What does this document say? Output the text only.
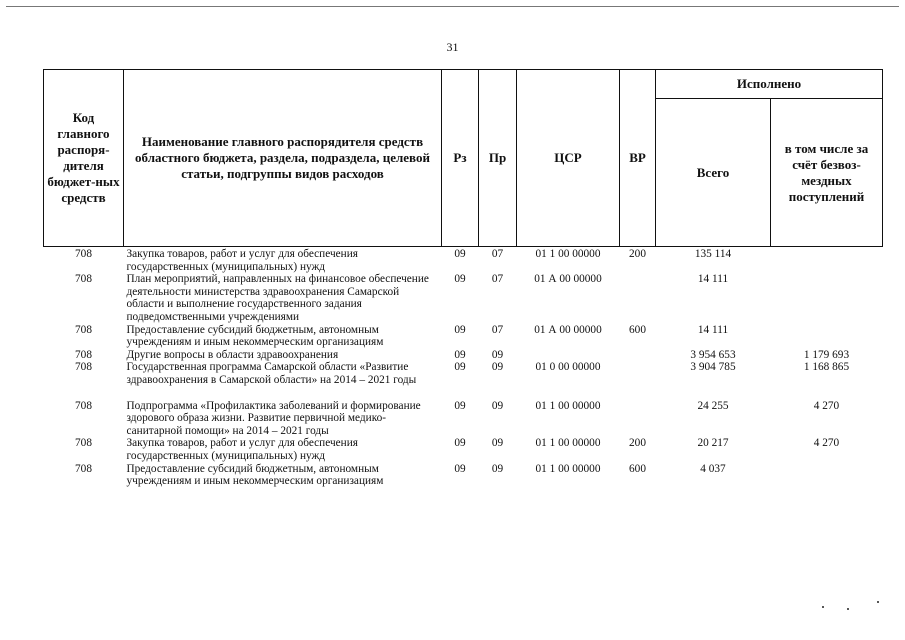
31
Код главного распоря-дителя бюджет-ных средств	Наименование главного распорядителя средств областного бюджета, раздела, подраздела, целевой статьи, подгруппы видов расходов	Рз	Пр	ЦСР	ВР	Исполнено	
						Всего	в том числе за счёт безвоз-мездных поступлений
708	Закупка товаров, работ и услуг для обеспечения государственных (муниципальных) нужд	09	07	01 1 00 00000	200	135 114	
708	План мероприятий, направленных на финансовое обеспечение деятельности министерства здравоохранения Самарской области и выполнение государственного задания подведомственными учреждениями	09	07	01 А 00 00000		14 111	
708	Предоставление субсидий бюджетным, автономным учреждениям и иным некоммерческим организациям	09	07	01 А 00 00000	600	14 111	
708	Другие вопросы в области здравоохранения	09	09			3 954 653	1 179 693
708	Государственная программа Самарской области «Развитие здравоохранения в Самарской области» на 2014 – 2021 годы	09	09	01 0 00 00000		3 904 785	1 168 865
708	Подпрограмма «Профилактика заболеваний и формирование здорового образа жизни. Развитие первичной медико-санитарной помощи» на 2014 – 2021 годы	09	09	01 1 00 00000		24 255	4 270
708	Закупка товаров, работ и услуг для обеспечения государственных (муниципальных) нужд	09	09	01 1 00 00000	200	20 217	4 270
708	Предоставление субсидий бюджетным, автономным учреждениям и иным некоммерческим организациям	09	09	01 1 00 00000	600	4 037	
